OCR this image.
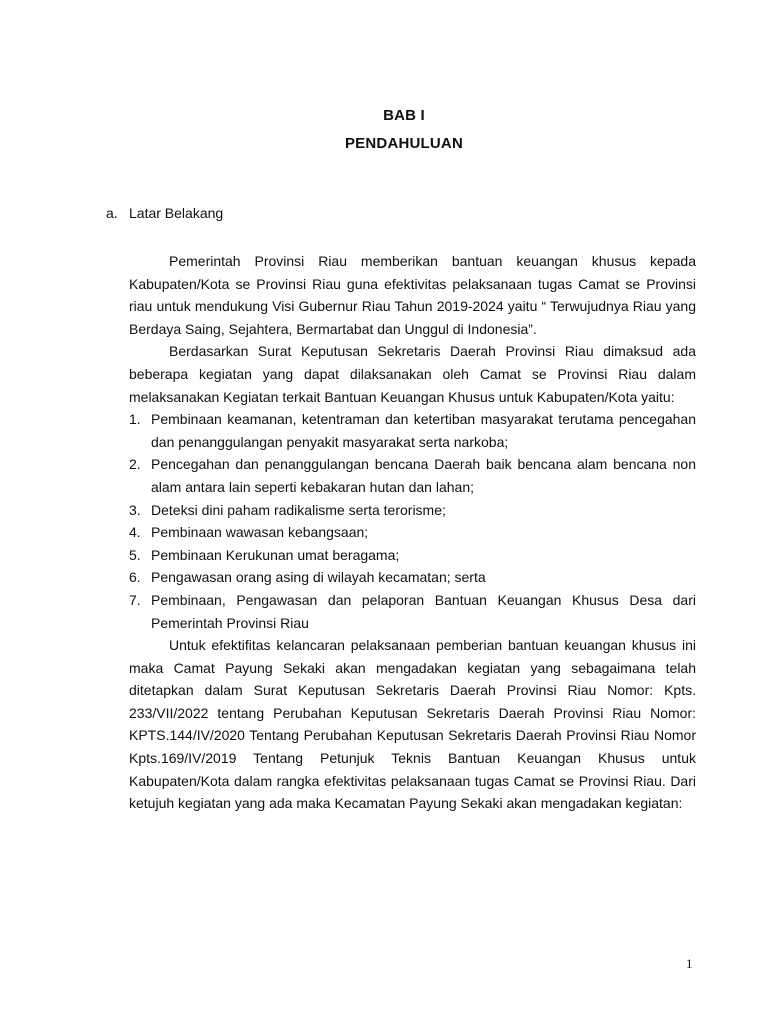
BAB I
PENDAHULUAN
a. Latar Belakang

Pemerintah Provinsi Riau memberikan bantuan keuangan khusus kepada Kabupaten/Kota se Provinsi Riau guna efektivitas pelaksanaan tugas Camat se Provinsi riau untuk mendukung Visi Gubernur Riau Tahun 2019-2024 yaitu “ Terwujudnya Riau yang Berdaya Saing, Sejahtera, Bermartabat dan Unggul di Indonesia”.

Berdasarkan Surat Keputusan Sekretaris Daerah Provinsi Riau dimaksud ada beberapa kegiatan yang dapat dilaksanakan oleh Camat se Provinsi Riau dalam melaksanakan Kegiatan terkait Bantuan Keuangan Khusus untuk Kabupaten/Kota yaitu:

1. Pembinaan keamanan, ketentraman dan ketertiban masyarakat terutama pencegahan dan penanggulangan penyakit masyarakat serta narkoba;
2. Pencegahan dan penanggulangan bencana Daerah baik bencana alam bencana non alam antara lain seperti kebakaran hutan dan lahan;
3. Deteksi dini paham radikalisme serta terorisme;
4. Pembinaan wawasan kebangsaan;
5. Pembinaan Kerukunan umat beragama;
6. Pengawasan orang asing di wilayah kecamatan; serta
7. Pembinaan, Pengawasan dan pelaporan Bantuan Keuangan Khusus Desa dari Pemerintah Provinsi Riau

Untuk efektifitas kelancaran pelaksanaan pemberian bantuan keuangan khusus ini maka Camat Payung Sekaki akan mengadakan kegiatan yang sebagaimana telah ditetapkan dalam Surat Keputusan Sekretaris Daerah Provinsi Riau Nomor: Kpts. 233/VII/2022 tentang Perubahan Keputusan Sekretaris Daerah Provinsi Riau Nomor: KPTS.144/IV/2020 Tentang Perubahan Keputusan Sekretaris Daerah Provinsi Riau Nomor Kpts.169/IV/2019 Tentang Petunjuk Teknis Bantuan Keuangan Khusus untuk Kabupaten/Kota dalam rangka efektivitas pelaksanaan tugas Camat se Provinsi Riau. Dari ketujuh kegiatan yang ada maka Kecamatan Payung Sekaki akan mengadakan kegiatan:

1
